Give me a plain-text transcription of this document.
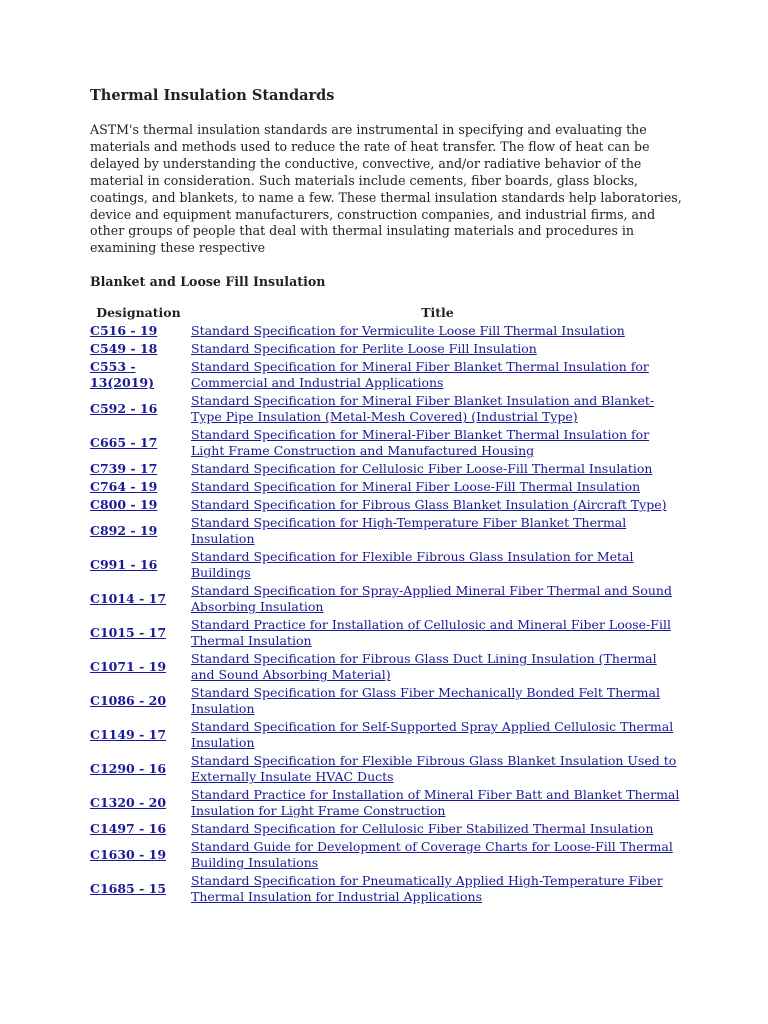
Thermal Insulation Standards

ASTM's thermal insulation standards are instrumental in specifying and evaluating the materials and methods used to reduce the rate of heat transfer. The flow of heat can be delayed by understanding the conductive, convective, and/or radiative behavior of the material in consideration. Such materials include cements, fiber boards, glass blocks, coatings, and blankets, to name a few. These thermal insulation standards help laboratories, device and equipment manufacturers, construction companies, and industrial firms, and other groups of people that deal with thermal insulating materials and procedures in examining these respective

Blanket and Loose Fill Insulation
Designation	Title
C516 - 19	Standard Specification for Vermiculite Loose Fill Thermal Insulation
C549 - 18	Standard Specification for Perlite Loose Fill Insulation
C553 - 13(2019)	Standard Specification for Mineral Fiber Blanket Thermal Insulation for Commercial and Industrial Applications
C592 - 16	Standard Specification for Mineral Fiber Blanket Insulation and Blanket-Type Pipe Insulation (Metal-Mesh Covered) (Industrial Type)
C665 - 17	Standard Specification for Mineral-Fiber Blanket Thermal Insulation for Light Frame Construction and Manufactured Housing
C739 - 17	Standard Specification for Cellulosic Fiber Loose-Fill Thermal Insulation
C764 - 19	Standard Specification for Mineral Fiber Loose-Fill Thermal Insulation
C800 - 19	Standard Specification for Fibrous Glass Blanket Insulation (Aircraft Type)
C892 - 19	Standard Specification for High-Temperature Fiber Blanket Thermal Insulation
C991 - 16	Standard Specification for Flexible Fibrous Glass Insulation for Metal Buildings
C1014 - 17	Standard Specification for Spray-Applied Mineral Fiber Thermal and Sound Absorbing Insulation
C1015 - 17	Standard Practice for Installation of Cellulosic and Mineral Fiber Loose-Fill Thermal Insulation
C1071 - 19	Standard Specification for Fibrous Glass Duct Lining Insulation (Thermal and Sound Absorbing Material)
C1086 - 20	Standard Specification for Glass Fiber Mechanically Bonded Felt Thermal Insulation
C1149 - 17	Standard Specification for Self-Supported Spray Applied Cellulosic Thermal Insulation
C1290 - 16	Standard Specification for Flexible Fibrous Glass Blanket Insulation Used to Externally Insulate HVAC Ducts
C1320 - 20	Standard Practice for Installation of Mineral Fiber Batt and Blanket Thermal Insulation for Light Frame Construction
C1497 - 16	Standard Specification for Cellulosic Fiber Stabilized Thermal Insulation
C1630 - 19	Standard Guide for Development of Coverage Charts for Loose-Fill Thermal Building Insulations
C1685 - 15	Standard Specification for Pneumatically Applied High-Temperature Fiber Thermal Insulation for Industrial Applications
